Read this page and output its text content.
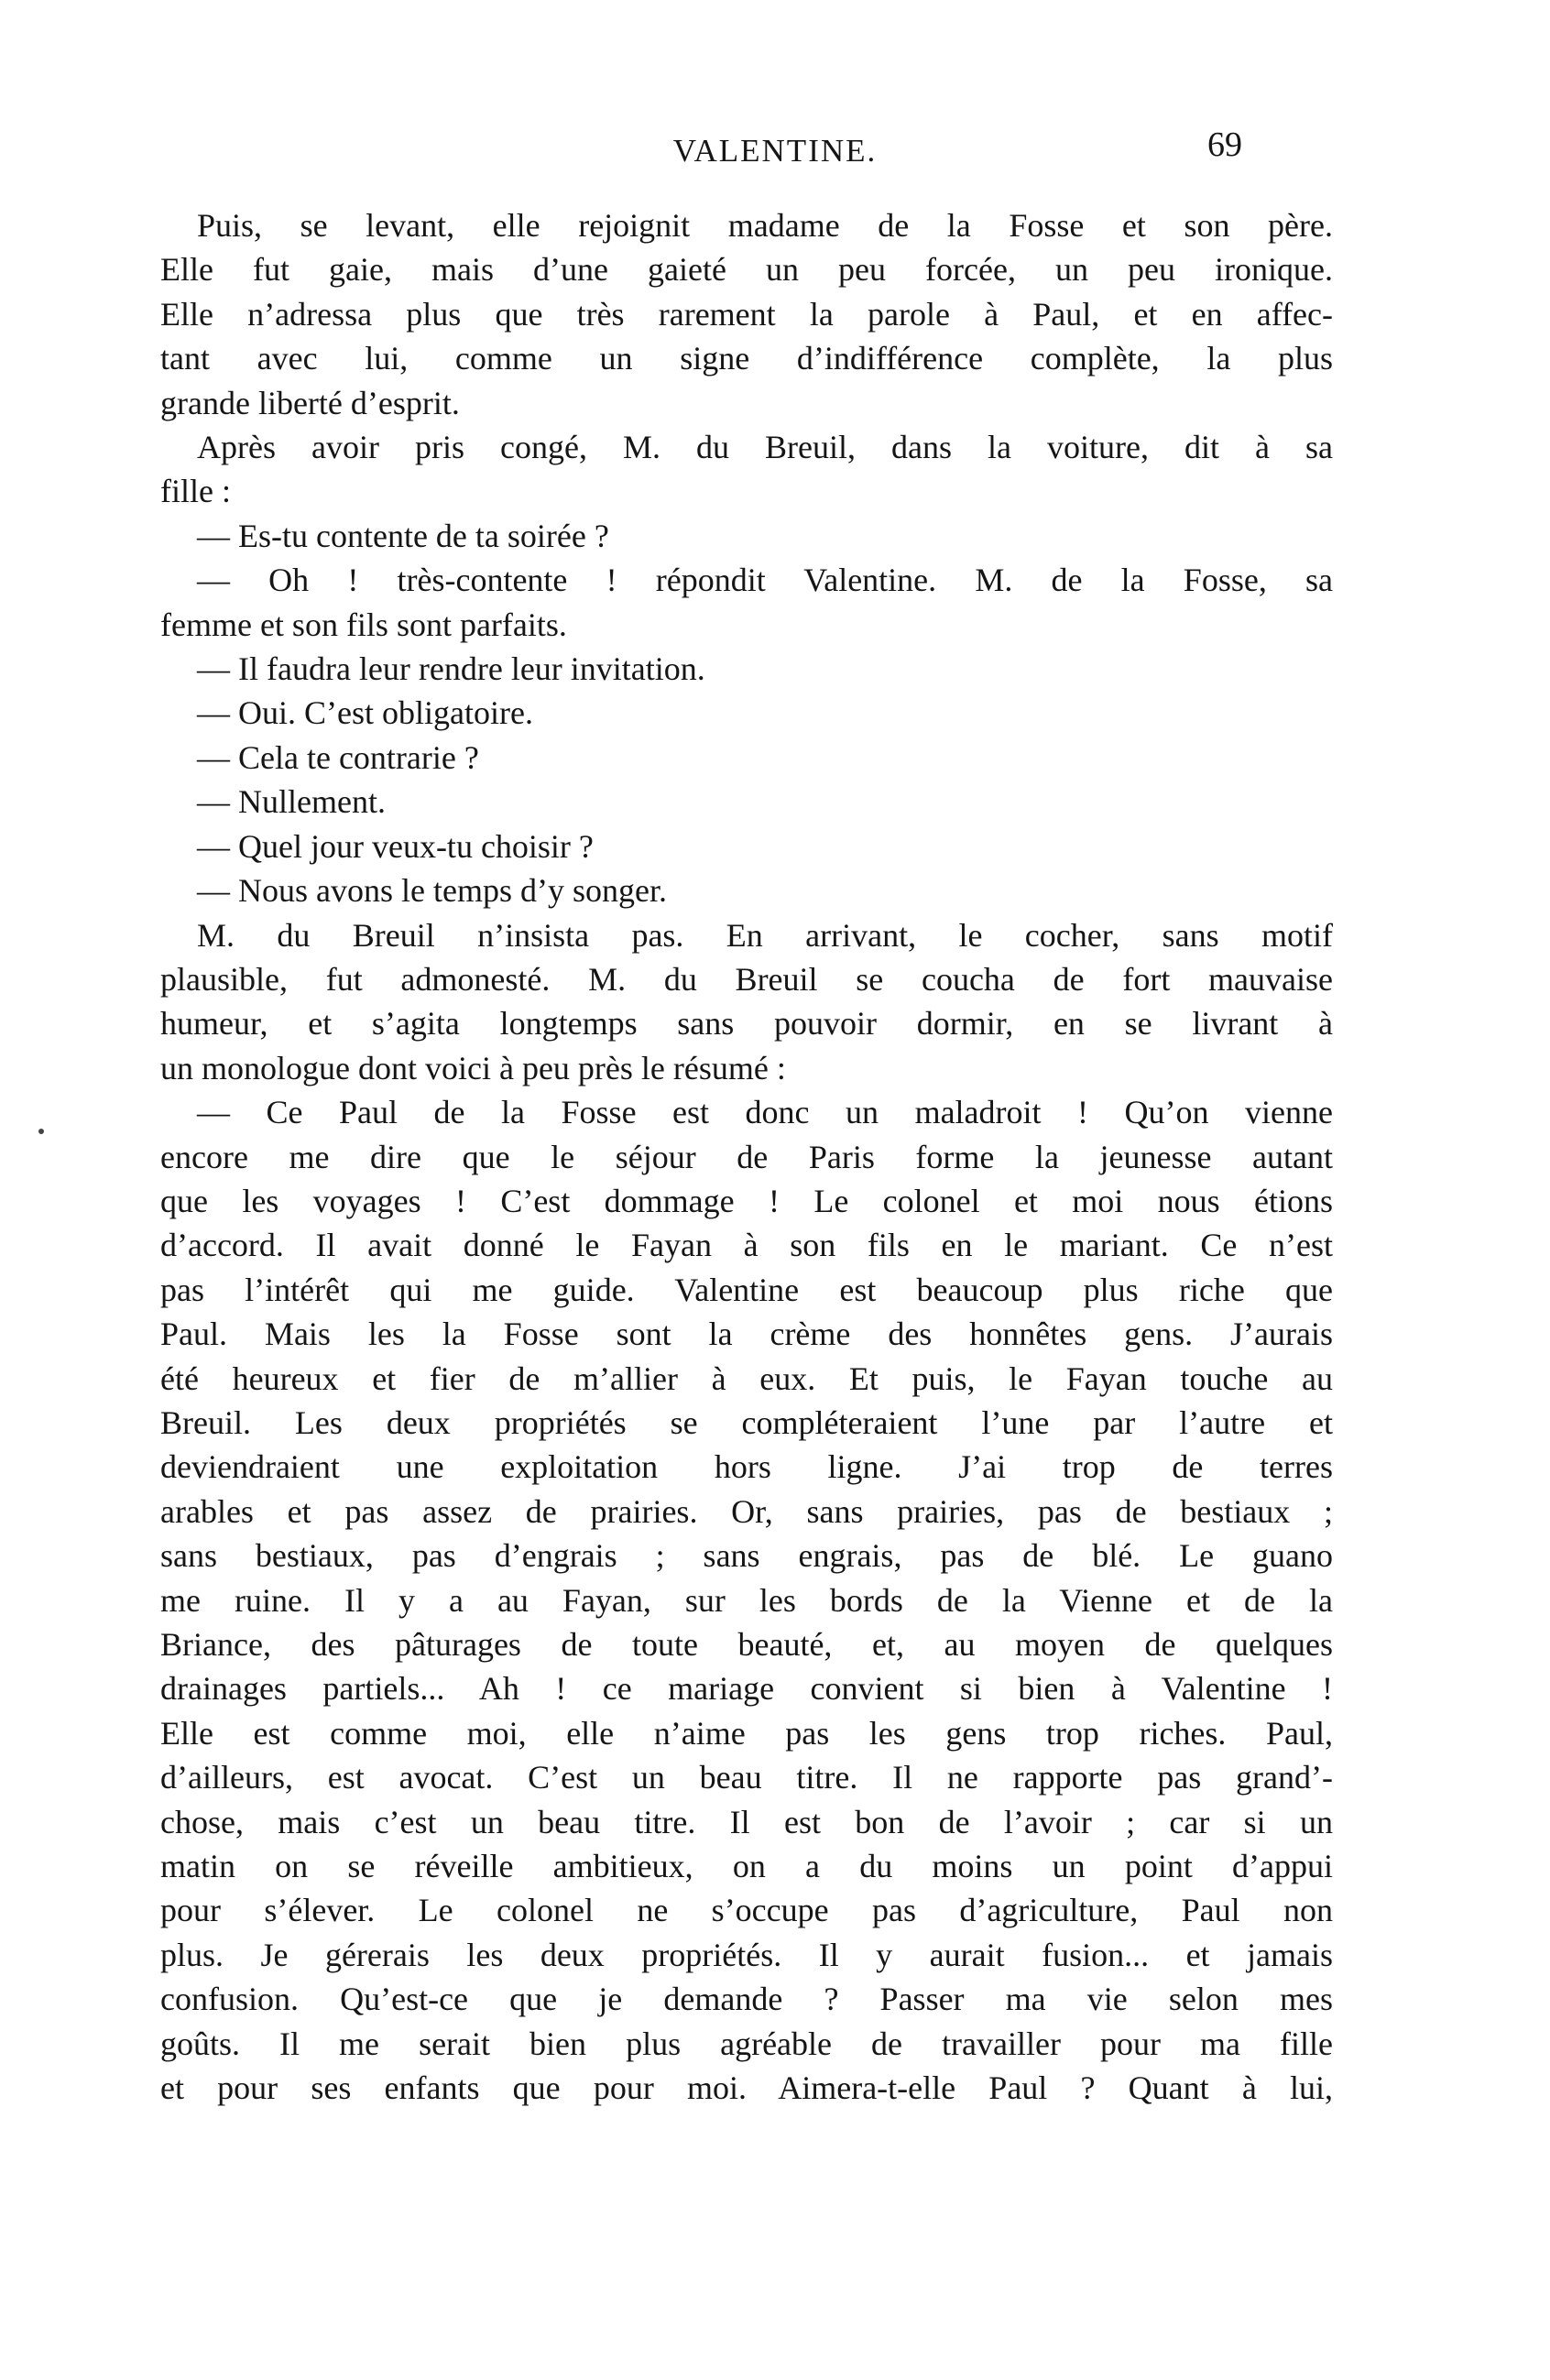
VALENTINE.	69
Puis, se levant, elle rejoignit madame de la Fosse et son père.
Elle fut gaie, mais d’une gaieté un peu forcée, un peu ironique.
Elle n’adressa plus que très rarement la parole à Paul, et en affec-
tant avec lui, comme un signe d’indifférence complète, la plus
grande liberté d’esprit.
Après avoir pris congé, M. du Breuil, dans la voiture, dit à sa
fille :
— Es-tu contente de ta soirée ?
— Oh ! très-contente ! répondit Valentine. M. de la Fosse, sa
femme et son fils sont parfaits.
— Il faudra leur rendre leur invitation.
— Oui. C’est obligatoire.
— Cela te contrarie ?
— Nullement.
— Quel jour veux-tu choisir ?
— Nous avons le temps d’y songer.
M. du Breuil n’insista pas. En arrivant, le cocher, sans motif
plausible, fut admonesté. M. du Breuil se coucha de fort mauvaise
humeur, et s’agita longtemps sans pouvoir dormir, en se livrant à
un monologue dont voici à peu près le résumé :
— Ce Paul de la Fosse est donc un maladroit ! Qu’on vienne
encore me dire que le séjour de Paris forme la jeunesse autant
que les voyages ! C’est dommage ! Le colonel et moi nous étions
d’accord. Il avait donné le Fayan à son fils en le mariant. Ce n’est
pas l’intérêt qui me guide. Valentine est beaucoup plus riche que
Paul. Mais les la Fosse sont la crème des honnêtes gens. J’aurais
été heureux et fier de m’allier à eux. Et puis, le Fayan touche au
Breuil. Les deux propriétés se compléteraient l’une par l’autre et
deviendraient une exploitation hors ligne. J’ai trop de terres
arables et pas assez de prairies. Or, sans prairies, pas de bestiaux ;
sans bestiaux, pas d’engrais ; sans engrais, pas de blé. Le guano
me ruine. Il y a au Fayan, sur les bords de la Vienne et de la
Briance, des pâturages de toute beauté, et, au moyen de quelques
drainages partiels... Ah ! ce mariage convient si bien à Valentine !
Elle est comme moi, elle n’aime pas les gens trop riches. Paul,
d’ailleurs, est avocat. C’est un beau titre. Il ne rapporte pas grand’-
chose, mais c’est un beau titre. Il est bon de l’avoir ; car si un
matin on se réveille ambitieux, on a du moins un point d’appui
pour s’élever. Le colonel ne s’occupe pas d’agriculture, Paul non
plus. Je gérerais les deux propriétés. Il y aurait fusion... et jamais
confusion. Qu’est-ce que je demande ? Passer ma vie selon mes
goûts. Il me serait bien plus agréable de travailler pour ma fille
et pour ses enfants que pour moi. Aimera-t-elle Paul ? Quant à lui,
